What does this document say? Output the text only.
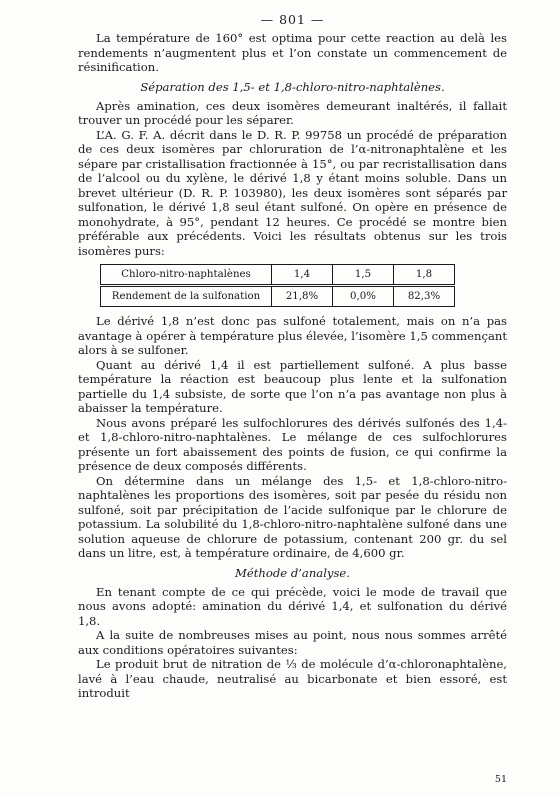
— 801 —

La température de 160° est optima pour cette reaction au delà les rendements n’augmentent plus et l’on constate un commencement de résinification.

Séparation des 1,5- et 1,8-chloro-nitro-naphtalènes.

Après amination, ces deux isomères demeurant inaltérés, il fallait trouver un procédé pour les séparer.

L’A. G. F. A. décrit dans le D. R. P. 99758 un procédé de préparation de ces deux isomères par chloruration de l’α-nitronaphtalène et les sépare par cristallisation fractionnée à 15°, ou par recristallisation dans de l’alcool ou du xylène, le dérivé 1,8 y étant moins soluble. Dans un brevet ultérieur (D. R. P. 103980), les deux isomères sont séparés par sulfonation, le dérivé 1,8 seul étant sulfoné. On opère en présence de monohydrate, à 95°, pendant 12 heures. Ce procédé se montre bien préférable aux précédents. Voici les résultats obtenus sur les trois isomères purs:

Chloro-nitro-naphtalènes	1,4	1,5	1,8
Rendement de la sulfonation	21,8%	0,0%	82,3%

Le dérivé 1,8 n’est donc pas sulfoné totalement, mais on n’a pas avantage à opérer à température plus élevée, l’isomère 1,5 commençant alors à se sulfoner.

Quant au dérivé 1,4 il est partiellement sulfoné. A plus basse température la réaction est beaucoup plus lente et la sulfonation partielle du 1,4 subsiste, de sorte que l’on n’a pas avantage non plus à abaisser la température.

Nous avons préparé les sulfochlorures des dérivés sulfonés des 1,4- et 1,8-chloro-nitro-naphtalènes. Le mélange de ces sulfochlorures présente un fort abaissement des points de fusion, ce qui confirme la présence de deux composés différents.

On détermine dans un mélange des 1,5- et 1,8-chloro-nitro-naphtalènes les proportions des isomères, soit par pesée du résidu non sulfoné, soit par précipitation de l’acide sulfonique par le chlorure de potassium. La solubilité du 1,8-chloro-nitro-naphtalène sulfoné dans une solution aqueuse de chlorure de potassium, contenant 200 gr. du sel dans un litre, est, à température ordinaire, de 4,600 gr.

Méthode d’analyse.

En tenant compte de ce qui précède, voici le mode de travail que nous avons adopté: amination du dérivé 1,4, et sulfonation du dérivé 1,8.

A la suite de nombreuses mises au point, nous nous sommes arrêté aux conditions opératoires suivantes:

Le produit brut de nitration de ⅓ de molécule d’α-chloronaphtalène, lavé à l’eau chaude, neutralisé au bicarbonate et bien essoré, est introduit

51
